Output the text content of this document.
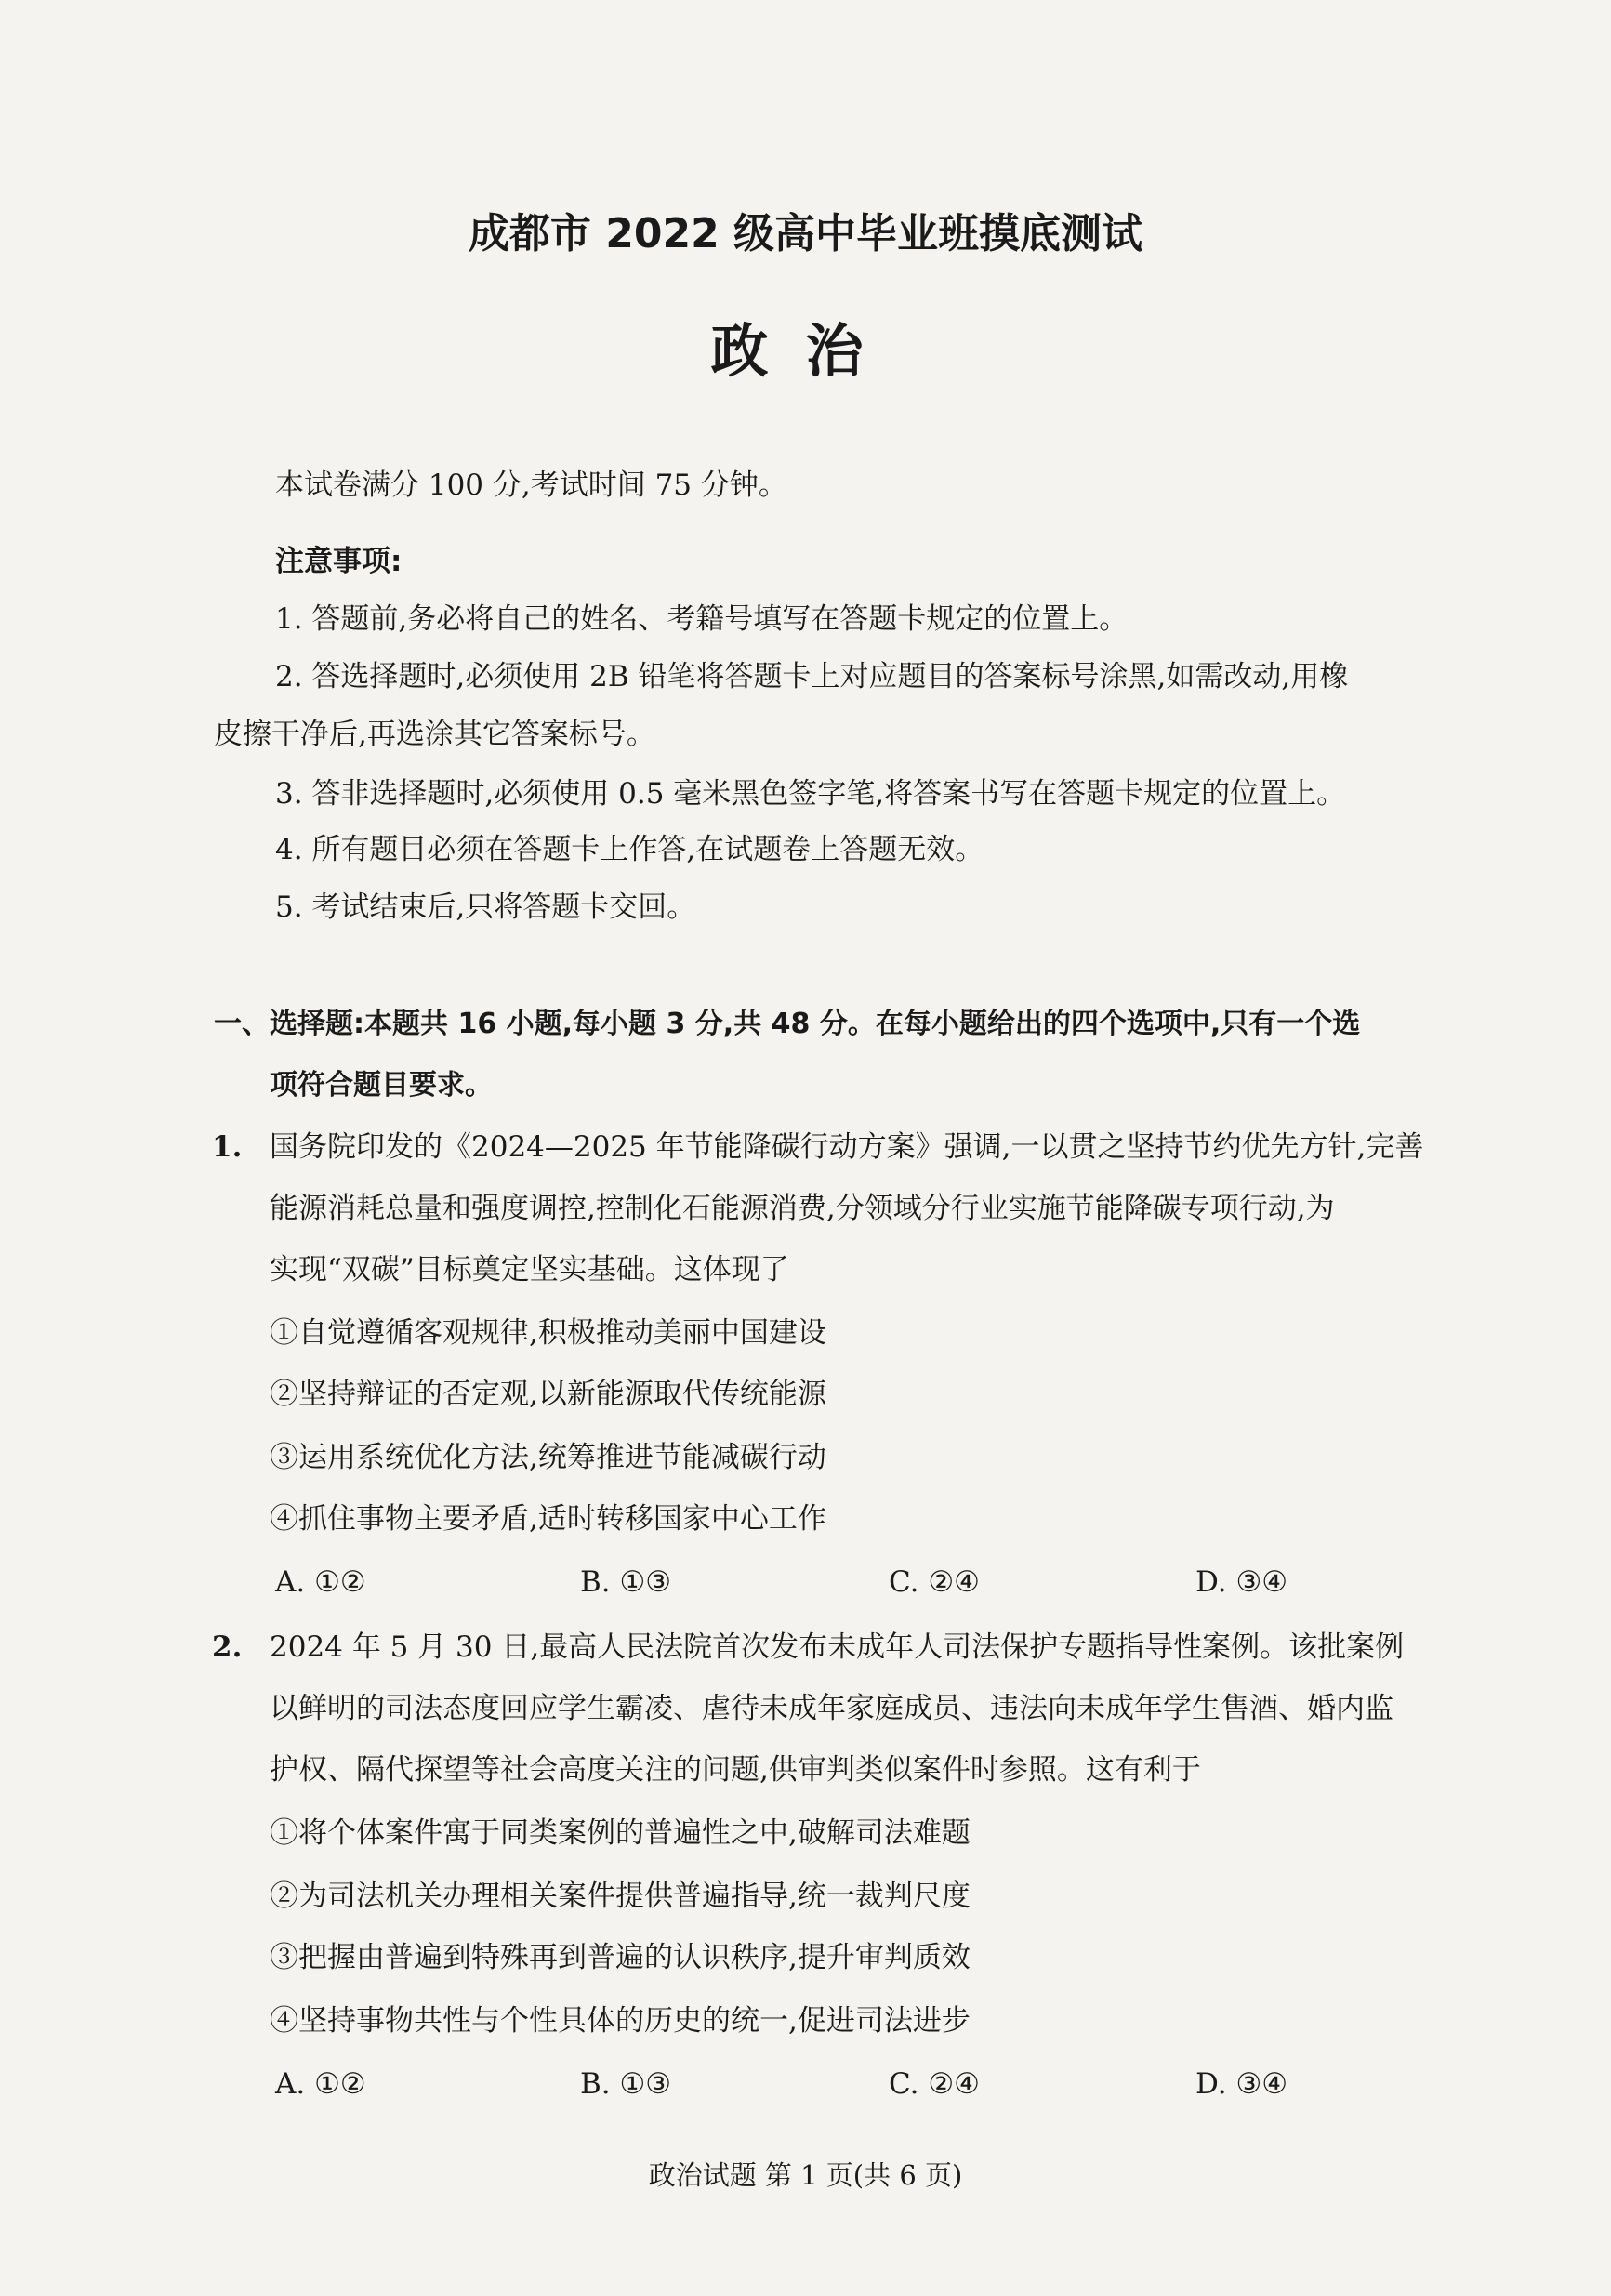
成都市 2022 级高中毕业班摸底测试
政治
本试卷满分 100 分,考试时间 75 分钟。
注意事项:
1. 答题前,务必将自己的姓名、考籍号填写在答题卡规定的位置上。
2. 答选择题时,必须使用 2B 铅笔将答题卡上对应题目的答案标号涂黑,如需改动,用橡
皮擦干净后,再选涂其它答案标号。
3. 答非选择题时,必须使用 0.5 毫米黑色签字笔,将答案书写在答题卡规定的位置上。
4. 所有题目必须在答题卡上作答,在试题卷上答题无效。
5. 考试结束后,只将答题卡交回。
一、选择题:本题共 16 小题,每小题 3 分,共 48 分。在每小题给出的四个选项中,只有一个选
项符合题目要求。
1. 国务院印发的《2024—2025 年节能降碳行动方案》强调,一以贯之坚持节约优先方针,完善
能源消耗总量和强度调控,控制化石能源消费,分领域分行业实施节能降碳专项行动,为
实现“双碳”目标奠定坚实基础。这体现了
①自觉遵循客观规律,积极推动美丽中国建设
②坚持辩证的否定观,以新能源取代传统能源
③运用系统优化方法,统筹推进节能减碳行动
④抓住事物主要矛盾,适时转移国家中心工作
A. ①②	B. ①③	C. ②④	D. ③④
2. 2024 年 5 月 30 日,最高人民法院首次发布未成年人司法保护专题指导性案例。该批案例
以鲜明的司法态度回应学生霸凌、虐待未成年家庭成员、违法向未成年学生售酒、婚内监
护权、隔代探望等社会高度关注的问题,供审判类似案件时参照。这有利于
①将个体案件寓于同类案例的普遍性之中,破解司法难题
②为司法机关办理相关案件提供普遍指导,统一裁判尺度
③把握由普遍到特殊再到普遍的认识秩序,提升审判质效
④坚持事物共性与个性具体的历史的统一,促进司法进步
A. ①②	B. ①③	C. ②④	D. ③④
政治试题 第 1 页(共 6 页)
